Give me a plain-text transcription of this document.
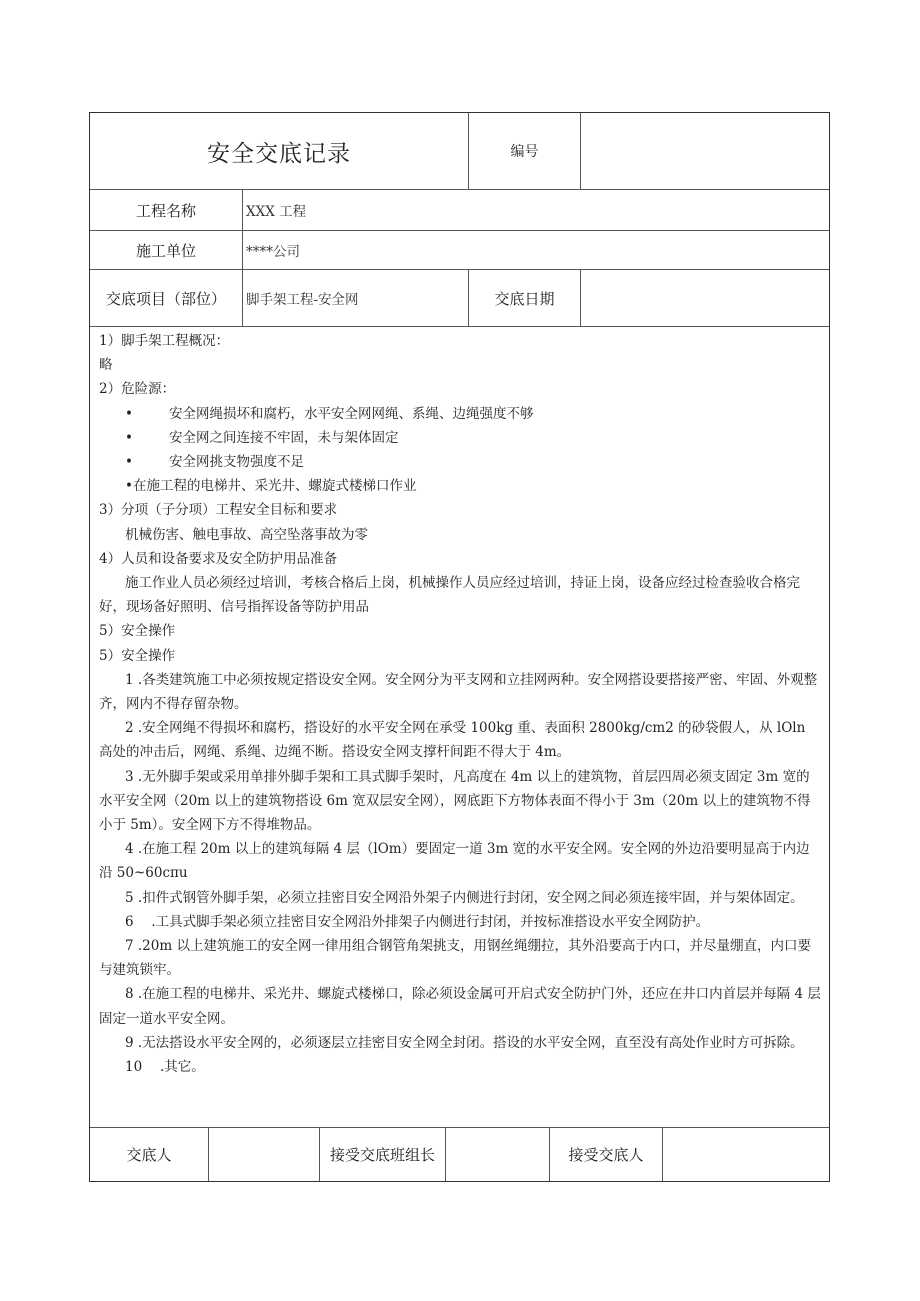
安全交底记录	编号
工程名称	XXX 工程
施工单位	****公司
交底项目（部位）	脚手架工程-安全网	交底日期

1）脚手架工程概况：

略

2）危险源：

•	安全网绳损坏和腐朽，水平安全网网绳、系绳、边绳强度不够

•	安全网之间连接不牢固，未与架体固定

•	安全网挑支物强度不足

•在施工程的电梯井、采光井、螺旋式楼梯口作业

3）分项（子分项）工程安全目标和要求

机械伤害、触电事故、高空坠落事故为零

4）人员和设备要求及安全防护用品准备

施工作业人员必须经过培训，考核合格后上岗，机械操作人员应经过培训，持证上岗，设备应经过检查验收合格完好，现场备好照明、信号指挥设备等防护用品

5）安全操作

5）安全操作

1 .各类建筑施工中必须按规定搭设安全网。安全网分为平支网和立挂网两种。安全网搭设要搭接严密、牢固、外观整齐，网内不得存留杂物。

2 .安全网绳不得损坏和腐朽，搭设好的水平安全网在承受 100kg 重、表面积 2800kg/cm2 的砂袋假人，从 lOln 高处的冲击后，网绳、系绳、边绳不断。搭设安全网支撑杆间距不得大于 4m。

3 .无外脚手架或采用单排外脚手架和工具式脚手架时，凡高度在 4m 以上的建筑物，首层四周必须支固定 3m 宽的水平安全网（20m 以上的建筑物搭设 6m 宽双层安全网），网底距下方物体表面不得小于 3m（20m 以上的建筑物不得小于 5m）。安全网下方不得堆物品。

4 .在施工程 20m 以上的建筑每隔 4 层（lOm）要固定一道 3m 宽的水平安全网。安全网的外边沿要明显高于内边沿 50~60cπu

5 .扣件式钢管外脚手架，必须立挂密目安全网沿外架子内侧进行封闭，安全网之间必须连接牢固，并与架体固定。

6　 .工具式脚手架必须立挂密目安全网沿外排架子内侧进行封闭，并按标准搭设水平安全网防护。

7 .20m 以上建筑施工的安全网一律用组合钢管角架挑支，用钢丝绳绷拉，其外沿要高于内口，并尽量绷直，内口要与建筑锁牢。

8 .在施工程的电梯井、采光井、螺旋式楼梯口，除必须设金属可开启式安全防护门外，还应在井口内首层并每隔 4 层固定一道水平安全网。

9 .无法搭设水平安全网的，必须逐层立挂密目安全网全封闭。搭设的水平安全网，直至没有高处作业时方可拆除。

10　 .其它。

交底人	接受交底班组长	接受交底人
